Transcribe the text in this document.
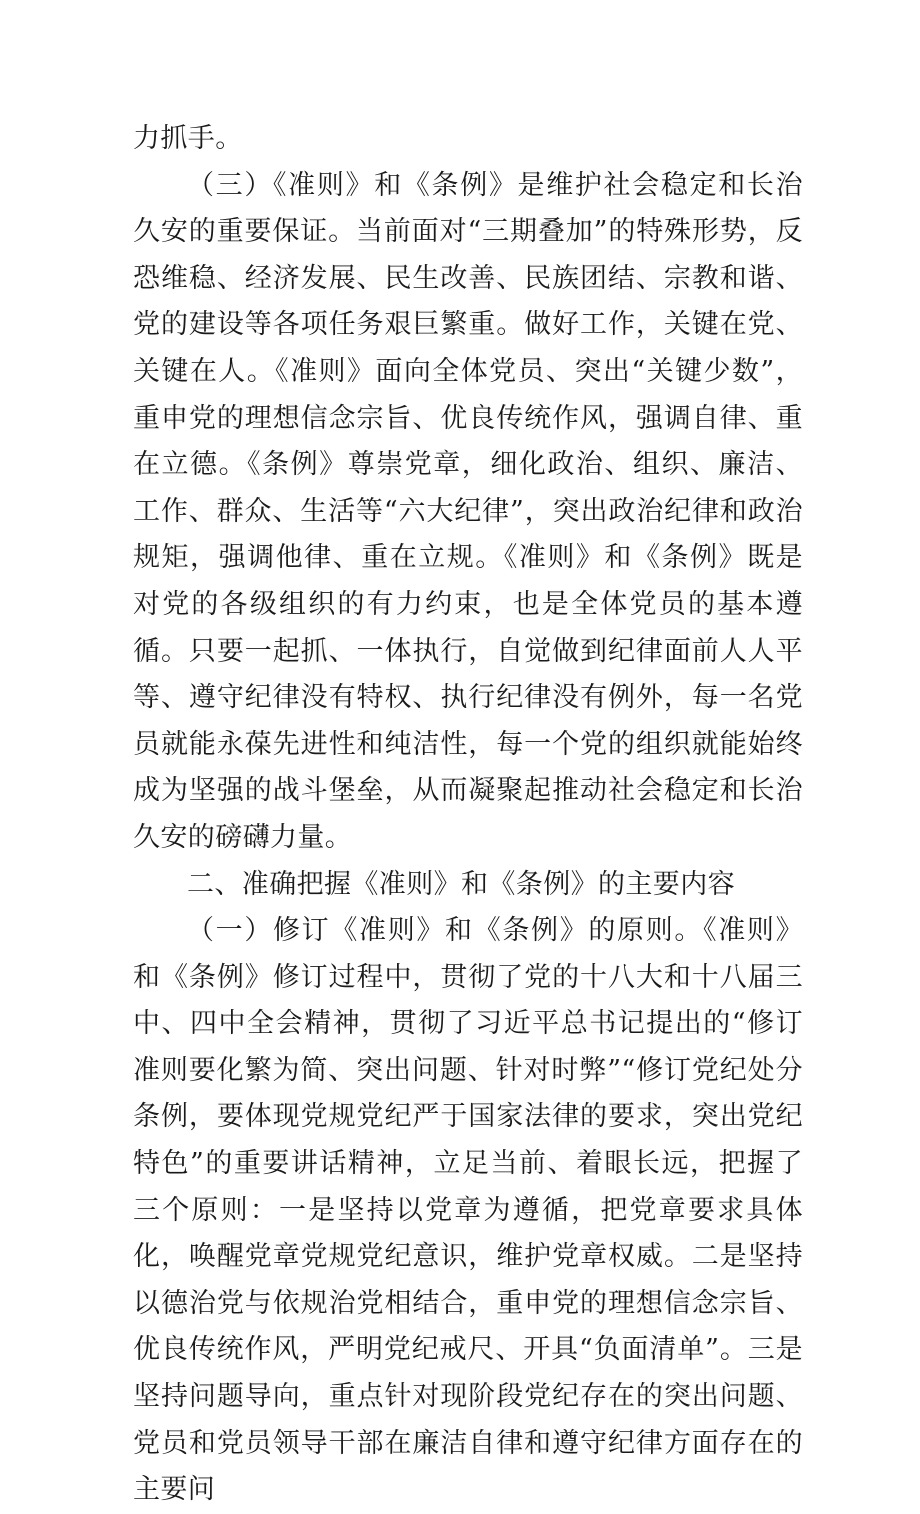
力抓手。

（三）《准则》和《条例》是维护社会稳定和长治久安的重要保证。当前面对“三期叠加”的特殊形势，反恐维稳、经济发展、民生改善、民族团结、宗教和谐、党的建设等各项任务艰巨繁重。做好工作，关键在党、关键在人。《准则》面向全体党员、突出“关键少数”，重申党的理想信念宗旨、优良传统作风，强调自律、重在立德。《条例》尊崇党章，细化政治、组织、廉洁、工作、群众、生活等“六大纪律”，突出政治纪律和政治规矩，强调他律、重在立规。《准则》和《条例》既是对党的各级组织的有力约束，也是全体党员的基本遵循。只要一起抓、一体执行，自觉做到纪律面前人人平等、遵守纪律没有特权、执行纪律没有例外，每一名党员就能永葆先进性和纯洁性，每一个党的组织就能始终成为坚强的战斗堡垒，从而凝聚起推动社会稳定和长治久安的磅礴力量。

二、准确把握《准则》和《条例》的主要内容

（一）修订《准则》和《条例》的原则。《准则》和《条例》修订过程中，贯彻了党的十八大和十八届三中、四中全会精神，贯彻了习近平总书记提出的“修订准则要化繁为简、突出问题、针对时弊”“修订党纪处分条例，要体现党规党纪严于国家法律的要求，突出党纪特色”的重要讲话精神，立足当前、着眼长远，把握了三个原则：一是坚持以党章为遵循，把党章要求具体化，唤醒党章党规党纪意识，维护党章权威。二是坚持以德治党与依规治党相结合，重申党的理想信念宗旨、优良传统作风，严明党纪戒尺、开具“负面清单”。三是坚持问题导向，重点针对现阶段党纪存在的突出问题、党员和党员领导干部在廉洁自律和遵守纪律方面存在的主要问
